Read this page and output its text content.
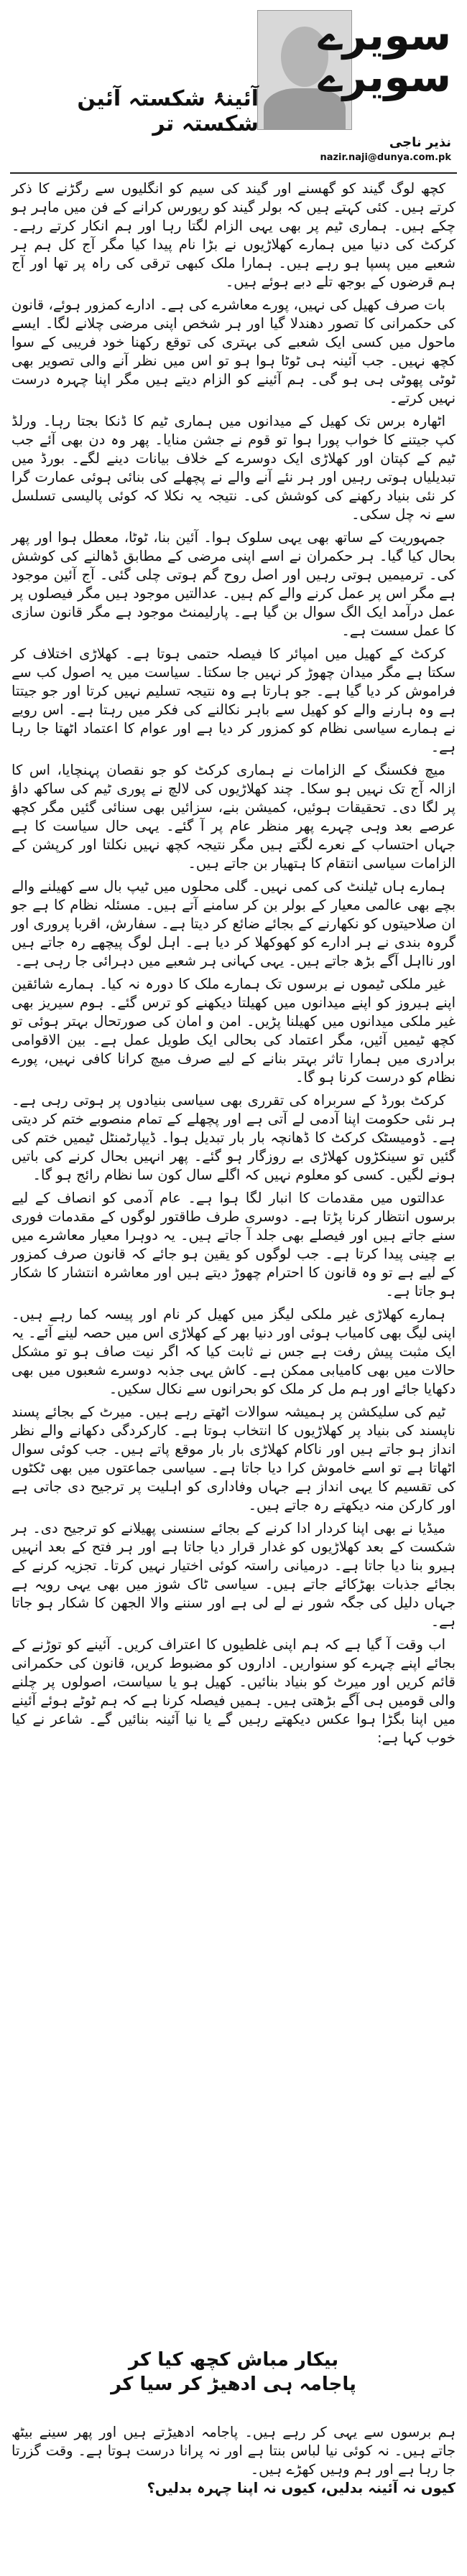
سویرے سویرے
آئینۂ شکستہ آئین شکستہ تر
نذیر ناجی
nazir.naji@dunya.com.pk

کچھ لوگ گیند کو گھسنے اور گیند کی سیم کو انگلیوں سے رگڑنے کا ذکر کرتے ہیں۔ کئی کہتے ہیں کہ بولر گیند کو ریورس کرانے کے فن میں ماہر ہو چکے ہیں۔ ہماری ٹیم پر بھی یہی الزام لگتا رہا اور ہم انکار کرتے رہے۔ کرکٹ کی دنیا میں ہمارے کھلاڑیوں نے بڑا نام پیدا کیا مگر آج کل ہم ہر شعبے میں پسپا ہو رہے ہیں۔ ہمارا ملک کبھی ترقی کی راہ پر تھا اور آج ہم قرضوں کے بوجھ تلے دبے ہوئے ہیں۔

بات صرف کھیل کی نہیں، پورے معاشرے کی ہے۔ ادارے کمزور ہوئے، قانون کی حکمرانی کا تصور دھندلا گیا اور ہر شخص اپنی مرضی چلانے لگا۔ ایسے ماحول میں کسی ایک شعبے کی بہتری کی توقع رکھنا خود فریبی کے سوا کچھ نہیں۔ جب آئینہ ہی ٹوٹا ہوا ہو تو اس میں نظر آنے والی تصویر بھی ٹوٹی پھوٹی ہی ہو گی۔ ہم آئینے کو الزام دیتے ہیں مگر اپنا چہرہ درست نہیں کرتے۔

اٹھارہ برس تک کھیل کے میدانوں میں ہماری ٹیم کا ڈنکا بجتا رہا۔ ورلڈ کپ جیتنے کا خواب پورا ہوا تو قوم نے جشن منایا۔ پھر وہ دن بھی آئے جب ٹیم کے کپتان اور کھلاڑی ایک دوسرے کے خلاف بیانات دینے لگے۔ بورڈ میں تبدیلیاں ہوتی رہیں اور ہر نئے آنے والے نے پچھلے کی بنائی ہوئی عمارت گرا کر نئی بنیاد رکھنے کی کوشش کی۔ نتیجہ یہ نکلا کہ کوئی پالیسی تسلسل سے نہ چل سکی۔

جمہوریت کے ساتھ بھی یہی سلوک ہوا۔ آئین بنا، ٹوٹا، معطل ہوا اور پھر بحال کیا گیا۔ ہر حکمران نے اسے اپنی مرضی کے مطابق ڈھالنے کی کوشش کی۔ ترمیمیں ہوتی رہیں اور اصل روح گم ہوتی چلی گئی۔ آج آئین موجود ہے مگر اس پر عمل کرنے والے کم ہیں۔ عدالتیں موجود ہیں مگر فیصلوں پر عمل درآمد ایک الگ سوال بن گیا ہے۔ پارلیمنٹ موجود ہے مگر قانون سازی کا عمل سست ہے۔

کرکٹ کے کھیل میں امپائر کا فیصلہ حتمی ہوتا ہے۔ کھلاڑی اختلاف کر سکتا ہے مگر میدان چھوڑ کر نہیں جا سکتا۔ سیاست میں یہ اصول کب سے فراموش کر دیا گیا ہے۔ جو ہارتا ہے وہ نتیجہ تسلیم نہیں کرتا اور جو جیتتا ہے وہ ہارنے والے کو کھیل سے باہر نکالنے کی فکر میں رہتا ہے۔ اس رویے نے ہمارے سیاسی نظام کو کمزور کر دیا ہے اور عوام کا اعتماد اٹھتا جا رہا ہے۔

میچ فکسنگ کے الزامات نے ہماری کرکٹ کو جو نقصان پہنچایا، اس کا ازالہ آج تک نہیں ہو سکا۔ چند کھلاڑیوں کی لالچ نے پوری ٹیم کی ساکھ داؤ پر لگا دی۔ تحقیقات ہوئیں، کمیشن بنے، سزائیں بھی سنائی گئیں مگر کچھ عرصے بعد وہی چہرے پھر منظر عام پر آ گئے۔ یہی حال سیاست کا ہے جہاں احتساب کے نعرے لگتے ہیں مگر نتیجہ کچھ نہیں نکلتا اور کرپشن کے الزامات سیاسی انتقام کا ہتھیار بن جاتے ہیں۔

ہمارے ہاں ٹیلنٹ کی کمی نہیں۔ گلی محلوں میں ٹیپ بال سے کھیلنے والے بچے بھی عالمی معیار کے بولر بن کر سامنے آتے ہیں۔ مسئلہ نظام کا ہے جو ان صلاحیتوں کو نکھارنے کے بجائے ضائع کر دیتا ہے۔ سفارش، اقربا پروری اور گروہ بندی نے ہر ادارے کو کھوکھلا کر دیا ہے۔ اہل لوگ پیچھے رہ جاتے ہیں اور نااہل آگے بڑھ جاتے ہیں۔ یہی کہانی ہر شعبے میں دہرائی جا رہی ہے۔

غیر ملکی ٹیموں نے برسوں تک ہمارے ملک کا دورہ نہ کیا۔ ہمارے شائقین اپنے ہیروز کو اپنے میدانوں میں کھیلتا دیکھنے کو ترس گئے۔ ہوم سیریز بھی غیر ملکی میدانوں میں کھیلنا پڑیں۔ امن و امان کی صورتحال بہتر ہوئی تو کچھ ٹیمیں آئیں، مگر اعتماد کی بحالی ایک طویل عمل ہے۔ بین الاقوامی برادری میں ہمارا تاثر بہتر بنانے کے لیے صرف میچ کرانا کافی نہیں، پورے نظام کو درست کرنا ہو گا۔

کرکٹ بورڈ کے سربراہ کی تقرری بھی سیاسی بنیادوں پر ہوتی رہی ہے۔ ہر نئی حکومت اپنا آدمی لے آتی ہے اور پچھلے کے تمام منصوبے ختم کر دیتی ہے۔ ڈومیسٹک کرکٹ کا ڈھانچہ بار بار تبدیل ہوا۔ ڈیپارٹمنٹل ٹیمیں ختم کی گئیں تو سینکڑوں کھلاڑی بے روزگار ہو گئے۔ پھر انہیں بحال کرنے کی باتیں ہونے لگیں۔ کسی کو معلوم نہیں کہ اگلے سال کون سا نظام رائج ہو گا۔

عدالتوں میں مقدمات کا انبار لگا ہوا ہے۔ عام آدمی کو انصاف کے لیے برسوں انتظار کرنا پڑتا ہے۔ دوسری طرف طاقتور لوگوں کے مقدمات فوری سنے جاتے ہیں اور فیصلے بھی جلد آ جاتے ہیں۔ یہ دوہرا معیار معاشرے میں بے چینی پیدا کرتا ہے۔ جب لوگوں کو یقین ہو جائے کہ قانون صرف کمزور کے لیے ہے تو وہ قانون کا احترام چھوڑ دیتے ہیں اور معاشرہ انتشار کا شکار ہو جاتا ہے۔

ہمارے کھلاڑی غیر ملکی لیگز میں کھیل کر نام اور پیسہ کما رہے ہیں۔ اپنی لیگ بھی کامیاب ہوئی اور دنیا بھر کے کھلاڑی اس میں حصہ لینے آئے۔ یہ ایک مثبت پیش رفت ہے جس نے ثابت کیا کہ اگر نیت صاف ہو تو مشکل حالات میں بھی کامیابی ممکن ہے۔ کاش یہی جذبہ دوسرے شعبوں میں بھی دکھایا جائے اور ہم مل کر ملک کو بحرانوں سے نکال سکیں۔

ٹیم کی سلیکشن پر ہمیشہ سوالات اٹھتے رہے ہیں۔ میرٹ کے بجائے پسند ناپسند کی بنیاد پر کھلاڑیوں کا انتخاب ہوتا ہے۔ کارکردگی دکھانے والے نظر انداز ہو جاتے ہیں اور ناکام کھلاڑی بار بار موقع پاتے ہیں۔ جب کوئی سوال اٹھاتا ہے تو اسے خاموش کرا دیا جاتا ہے۔ سیاسی جماعتوں میں بھی ٹکٹوں کی تقسیم کا یہی انداز ہے جہاں وفاداری کو اہلیت پر ترجیح دی جاتی ہے اور کارکن منہ دیکھتے رہ جاتے ہیں۔

میڈیا نے بھی اپنا کردار ادا کرنے کے بجائے سنسنی پھیلانے کو ترجیح دی۔ ہر شکست کے بعد کھلاڑیوں کو غدار قرار دیا جاتا ہے اور ہر فتح کے بعد انہیں ہیرو بنا دیا جاتا ہے۔ درمیانی راستہ کوئی اختیار نہیں کرتا۔ تجزیہ کرنے کے بجائے جذبات بھڑکائے جاتے ہیں۔ سیاسی ٹاک شوز میں بھی یہی رویہ ہے جہاں دلیل کی جگہ شور نے لے لی ہے اور سننے والا الجھن کا شکار ہو جاتا ہے۔

اب وقت آ گیا ہے کہ ہم اپنی غلطیوں کا اعتراف کریں۔ آئینے کو توڑنے کے بجائے اپنے چہرے کو سنواریں۔ اداروں کو مضبوط کریں، قانون کی حکمرانی قائم کریں اور میرٹ کو بنیاد بنائیں۔ کھیل ہو یا سیاست، اصولوں پر چلنے والی قومیں ہی آگے بڑھتی ہیں۔ ہمیں فیصلہ کرنا ہے کہ ہم ٹوٹے ہوئے آئینے میں اپنا بگڑا ہوا عکس دیکھتے رہیں گے یا نیا آئینہ بنائیں گے۔ شاعر نے کیا خوب کہا ہے:

بیکار مباش کچھ کیا کر
پاجامہ ہی ادھیڑ کر سیا کر

ہم برسوں سے یہی کر رہے ہیں۔ پاجامہ ادھیڑتے ہیں اور پھر سینے بیٹھ جاتے ہیں۔ نہ کوئی نیا لباس بنتا ہے اور نہ پرانا درست ہوتا ہے۔ وقت گزرتا جا رہا ہے اور ہم وہیں کھڑے ہیں۔

کیوں نہ آئینہ بدلیں، کیوں نہ اپنا چہرہ بدلیں؟
